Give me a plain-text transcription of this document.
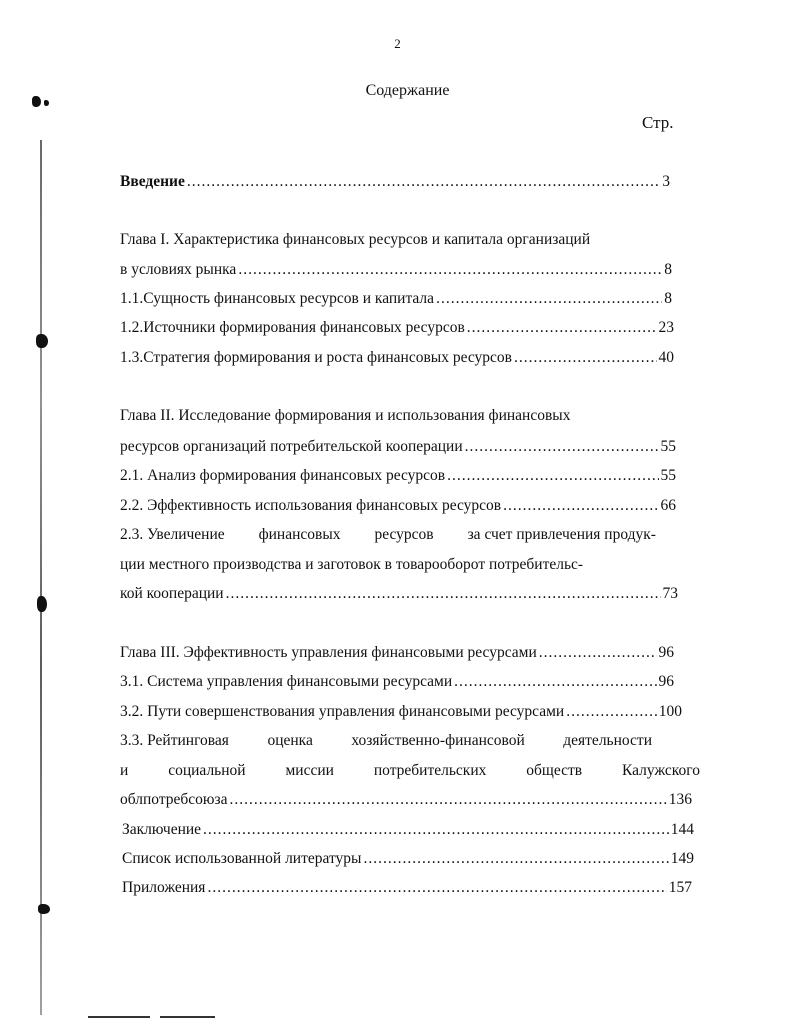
2
Содержание
Стр.
Введение .....	3
Глава I. Характеристика финансовых ресурсов и капитала организаций
в условиях рынка .....	8
1.1. Сущность финансовых ресурсов и капитала .....	8
1.2. Источники формирования финансовых ресурсов .....	23
1.3. Стратегия формирования и роста финансовых ресурсов .....	40
Глава II. Исследование формирования и использования финансовых
ресурсов организаций потребительской кооперации .....	55
2.1. Анализ формирования финансовых ресурсов .....	55
2.2. Эффективность использования финансовых ресурсов .....	66
2.3. Увеличение финансовых ресурсов за счет привлечения продук-
ции местного производства и заготовок в товарооборот потребительс-
кой кооперации .....	73
Глава III. Эффективность управления финансовыми ресурсами .....	96
3.1. Система управления финансовыми ресурсами .....	96
3.2. Пути совершенствования управления финансовыми ресурсами .....	100
3.3. Рейтинговая оценка хозяйственно-финансовой деятельности
и	социальной	миссии	потребительских	обществ	Калужского
облпотребсоюза .....	136
Заключение .....	144
Список использованной литературы .....	149
Приложения .....	157
